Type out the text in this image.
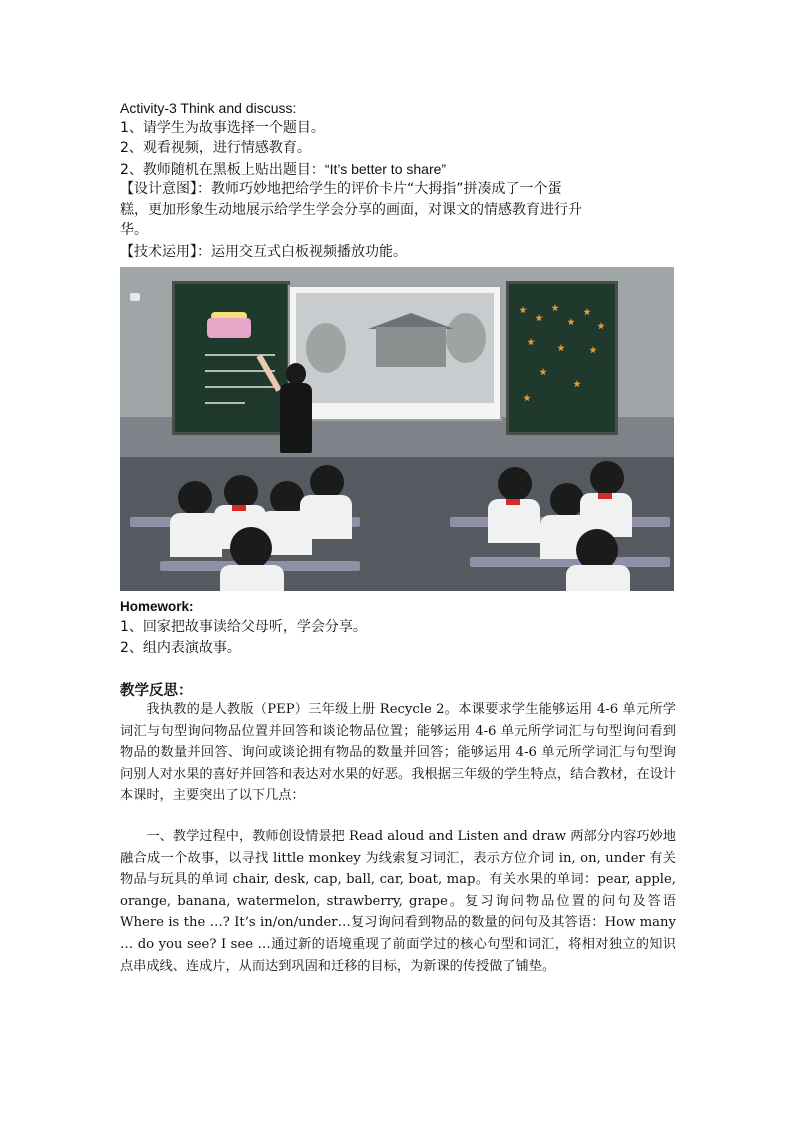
Activity-3 Think and discuss:
1、请学生为故事选择一个题目。
2、观看视频，进行情感教育。
2、教师随机在黑板上贴出题目：“It’s better to share”
【设计意图】：教师巧妙地把给学生的评价卡片“大拇指”拼凑成了一个蛋
糕，更加形象生动地展示给学生学会分享的画面，对课文的情感教育进行升
华。
【技术运用】：运用交互式白板视频播放功能。
Homework:
1、回家把故事读给父母听，学会分享。
2、组内表演故事。
教学反思：
我执教的是人教版（PEP）三年级上册 Recycle 2。本课要求学生能够运用 4-6 单元所学词汇与句型询问物品位置并回答和谈论物品位置；能够运用 4-6 单元所学词汇与句型询问看到物品的数量并回答、询问或谈论拥有物品的数量并回答；能够运用 4-6 单元所学词汇与句型询问别人对水果的喜好并回答和表达对水果的好恶。我根据三年级的学生特点，结合教材，在设计本课时，主要突出了以下几点：
一、教学过程中，教师创设情景把 Read aloud and Listen and draw 两部分内容巧妙地融合成一个故事，以寻找 little monkey 为线索复习词汇，表示方位介词 in, on, under 有关物品与玩具的单词 chair, desk, cap, ball, car, boat, map。有关水果的单词：pear, apple, orange, banana, watermelon, strawberry, grape。复习询问物品位置的问句及答语 Where is the …? It’s in/on/under…复习询问看到物品的数量的问句及其答语：How many … do you see? I see …通过新的语境重现了前面学过的核心句型和词汇，将相对独立的知识点串成线、连成片，从而达到巩固和迁移的目标，为新课的传授做了铺垫。
